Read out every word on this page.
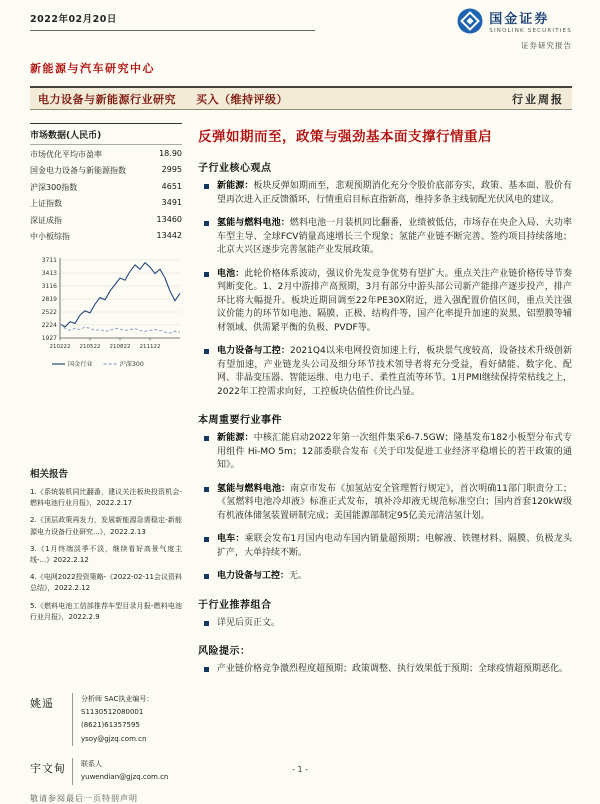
2022年02月20日	国金证券
SINOLINK SECURITIES
证券研究报告
新能源与汽车研究中心
电力设备与新能源行业研究 买入（维持评级）	行业周报
市场数据(人民币)
市场优化平均市盈率	18.90
国金电力设备与新能源指数	2995
沪深300指数	4651
上证指数	3491
深证成指	13460
中小板综指	13442
3711
3413
3116
2819
2522
2224
1927
210222 210522 210822 211122
国金行业	沪深300
相关报告
1.《系统装机同比翻番，建议关注板块投资机会-燃料电池行业月报》，2022.2.17
2.《顶层政策再发力，发展新能源急需稳定-新能源电力设备行业研究...》，2022.2.13
3.《1月终端淡季不淡，继续看好高景气度主线-...》2022.2.12
4.《电网2022投资策略-《2022-02-11会议资料总结》，2022.2.12
5.《燃料电池工信部推荐车型目录月报-燃料电池行业月报》，2022.2.9
姚遥	分析师 SAC执业编号：S1130512080001
(8621)61357595
ysoy@gjzq.com.cn
宇文甸	联系人
yuwendian@gjzq.com.cn
反弹如期而至，政策与强劲基本面支撑行情重启
子行业核心观点

新能源：板块反弹如期而至，悲观预期消化充分令股价底部夯实，政策、基本面、股价有望再次进入正反馈循环，行情重启目标直指新高，维持多条主线韧配光伏风电的建议。

氢能与燃料电池：燃料电池一月装机同比翻番，业绩被低估，市场存在央企入局、大功率车型主导、全球FCV销量高速增长三个现象；氢能产业链不断完善、签约项目持续落地；北京大兴区逐步完善氢能产业发展政策。

电池：此轮价格体系波动，强议价先发竞争优势有望扩大。重点关注产业链价格传导节奏判断变化。1、2月中游排产高预期，3月有部分中游头部公司新产能排产逐步投产，排产环比将大幅提升。板块近期回调至22年PE30X附近，进入强配置价值区间，重点关注强议价能力的环节如电池、隔膜、正极、结构件等，国产化率提升加速的炭黑、铝塑膜等辅材领域、供需紧平衡的负极、PVDF等。

电力设备与工控：2021Q4以来电网投资加速上行，板块景气度较高，设备技术升级创新有望加速，产业链龙头公司及细分环节技术领导者将充分受益，看好储能、数字化、配网、非晶变压器、智能运维、电力电子、柔性直流等环节。1月PMI继续保持荣枯线之上，2022年工控需求向好，工控板块估值性价比凸显。

本周重要行业事件

新能源：中核汇能启动2022年第一次组件集采6-7.5GW；隆基发布182小板型分布式专用组件 Hi-MO 5m；12部委联合发布《关于印发促进工业经济平稳增长的若干政策的通知》。

氢能与燃料电池：南京市发布《加氢站安全管理暂行规定》，首次明确11部门职责分工；《氢燃料电池冷却液》标准正式发布，填补冷却液无规范标准空白；国内首套120kW级有机液体储氢装置研制完成；美国能源部制定95亿美元清洁氢计划。

电车：乘联会发布1月国内电动车国内销量超预期；电解液、铁锂材料、隔膜、负极龙头扩产，大单持续不断。

电力设备与工控：无。

于行业推荐组合

详见后页正文。

风险提示：

产业链价格竞争激烈程度超预期；政策调整、执行效果低于预期；全球疫情超预期恶化。

- 1 -
敬请参阅最后一页特别声明
